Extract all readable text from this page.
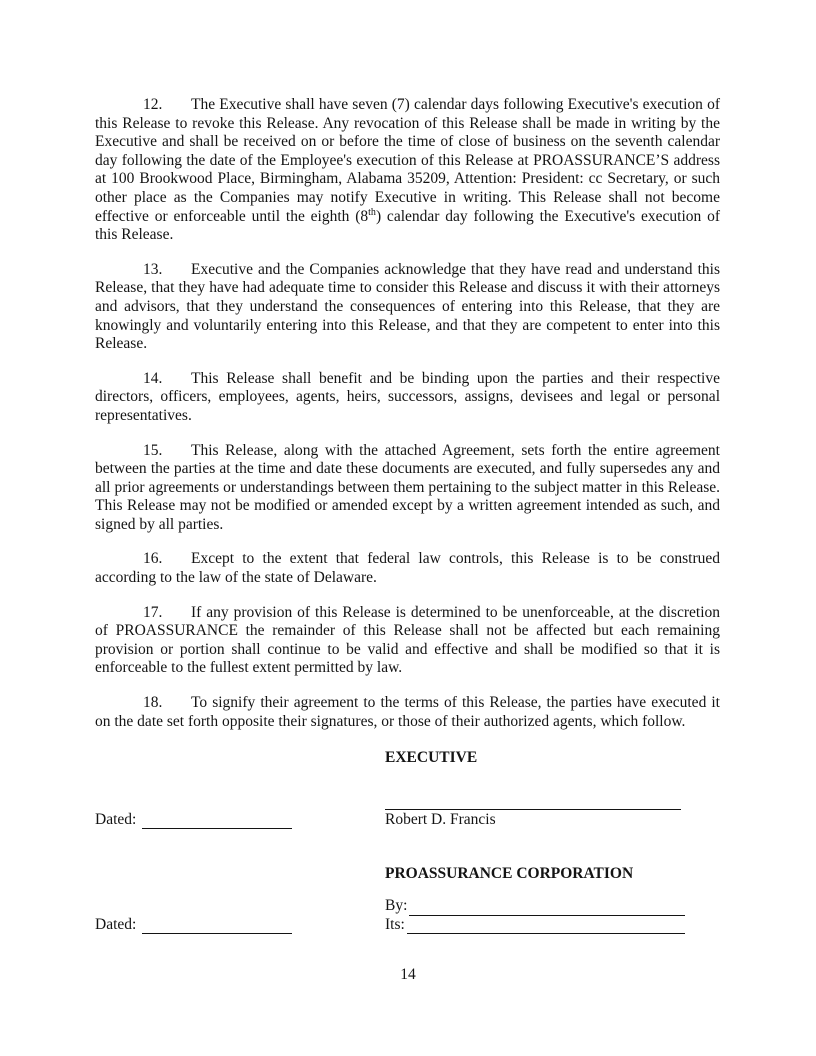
12. The Executive shall have seven (7) calendar days following Executive's execution of this Release to revoke this Release. Any revocation of this Release shall be made in writing by the Executive and shall be received on or before the time of close of business on the seventh calendar day following the date of the Employee's execution of this Release at PROASSURANCE’S address at 100 Brookwood Place, Birmingham, Alabama 35209, Attention: President: cc Secretary, or such other place as the Companies may notify Executive in writing. This Release shall not become effective or enforceable until the eighth (8th) calendar day following the Executive's execution of this Release.

13. Executive and the Companies acknowledge that they have read and understand this Release, that they have had adequate time to consider this Release and discuss it with their attorneys and advisors, that they understand the consequences of entering into this Release, that they are knowingly and voluntarily entering into this Release, and that they are competent to enter into this Release.

14. This Release shall benefit and be binding upon the parties and their respective directors, officers, employees, agents, heirs, successors, assigns, devisees and legal or personal representatives.

15. This Release, along with the attached Agreement, sets forth the entire agreement between the parties at the time and date these documents are executed, and fully supersedes any and all prior agreements or understandings between them pertaining to the subject matter in this Release. This Release may not be modified or amended except by a written agreement intended as such, and signed by all parties.

16. Except to the extent that federal law controls, this Release is to be construed according to the law of the state of Delaware.

17. If any provision of this Release is determined to be unenforceable, at the discretion of PROASSURANCE the remainder of this Release shall not be affected but each remaining provision or portion shall continue to be valid and effective and shall be modified so that it is enforceable to the fullest extent permitted by law.

18. To signify their agreement to the terms of this Release, the parties have executed it on the date set forth opposite their signatures, or those of their authorized agents, which follow.

EXECUTIVE
Dated:	Robert D. Francis
PROASSURANCE CORPORATION
Dated:
By:
Its:
14
